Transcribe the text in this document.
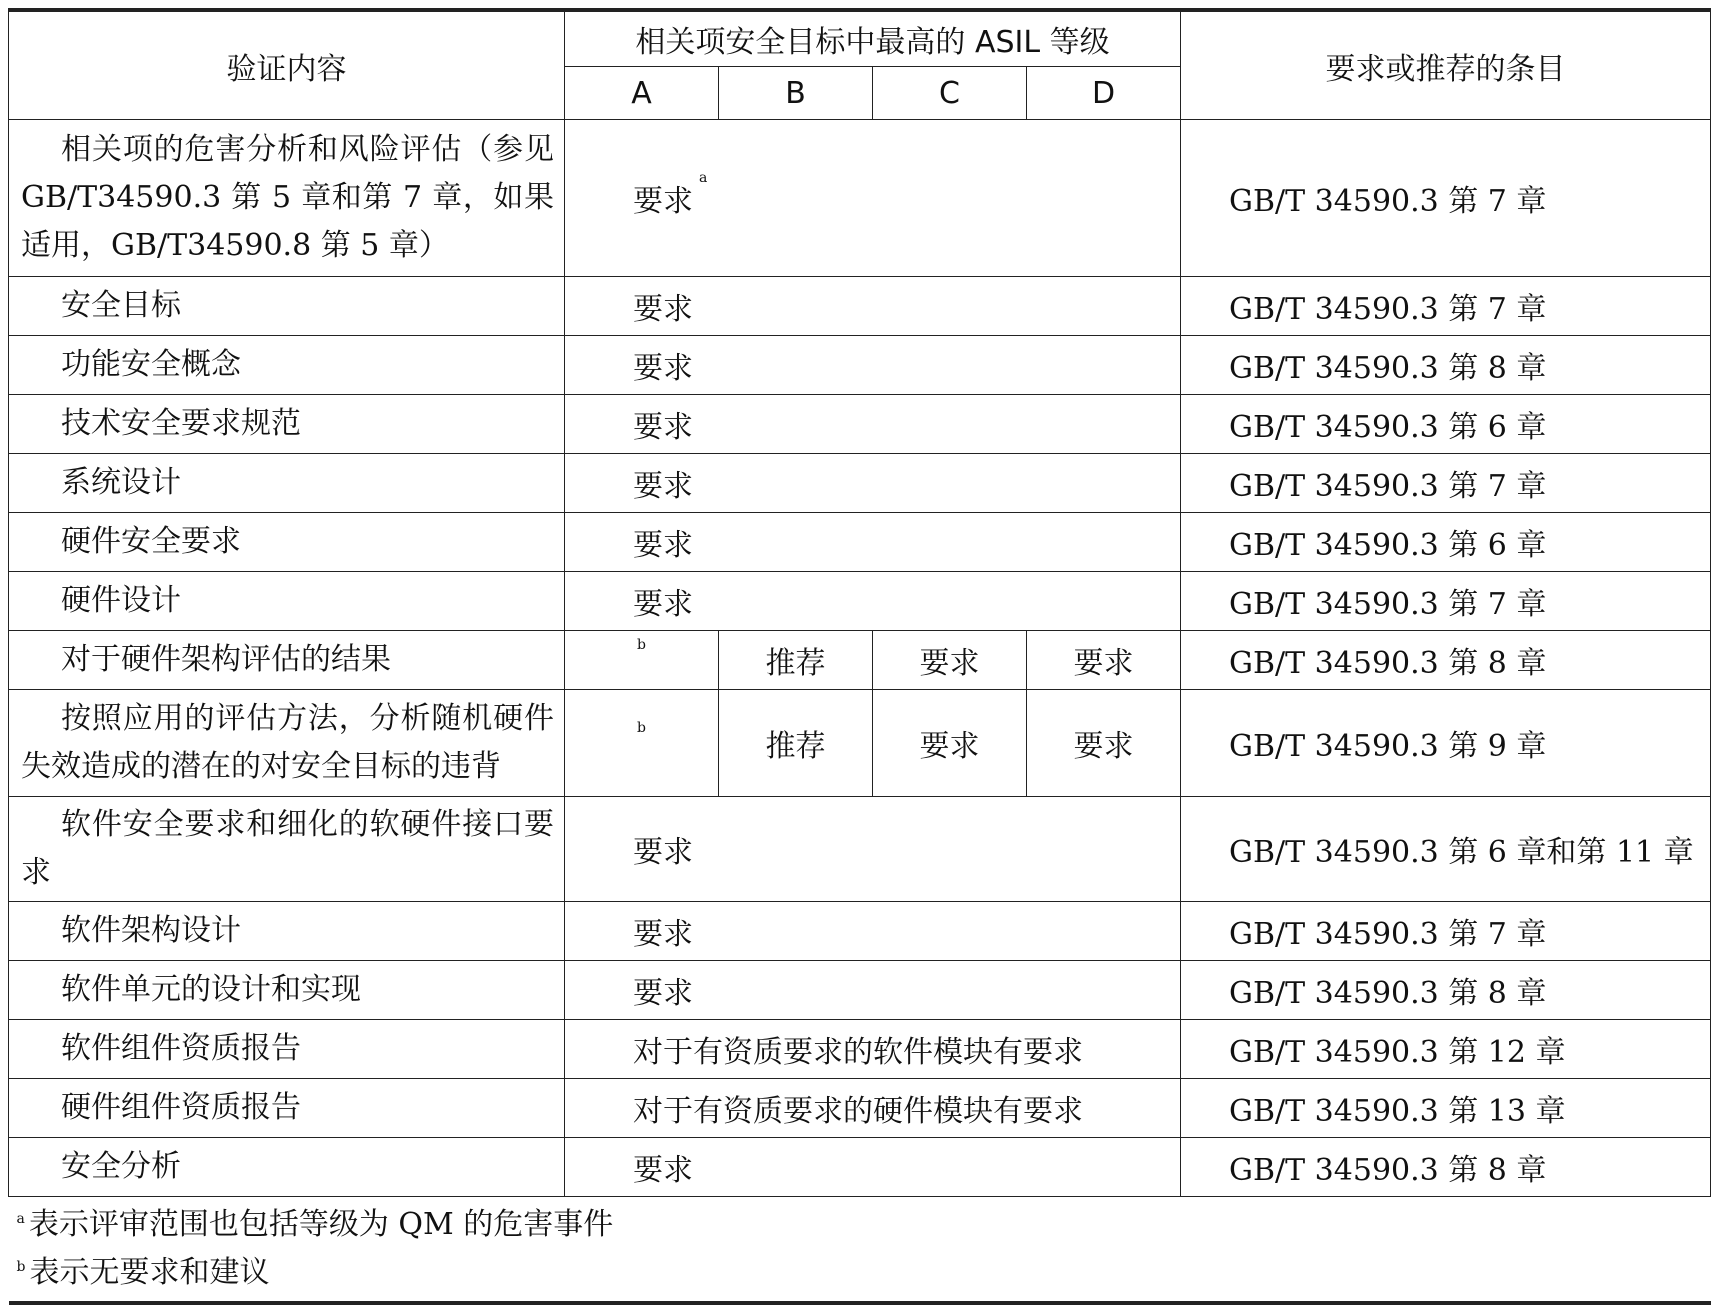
验证内容	相关项安全目标中最高的 ASIL 等级				要求或推荐的条目
	A	B	C	D	
相关项的危害分析和风险评估（参见 GB/T34590.3 第 5 章和第 7 章，如果适用，GB/T34590.8 第 5 章）	要求$^a$				GB/T 34590.3 第 7 章
安全目标	要求				GB/T 34590.3 第 7 章
功能安全概念	要求				GB/T 34590.3 第 8 章
技术安全要求规范	要求				GB/T 34590.3 第 6 章
系统设计	要求				GB/T 34590.3 第 7 章
硬件安全要求	要求				GB/T 34590.3 第 6 章
硬件设计	要求				GB/T 34590.3 第 7 章
对于硬件架构评估的结果	$^b$	推荐	要求	要求	GB/T 34590.3 第 8 章
按照应用的评估方法，分析随机硬件失效造成的潜在的对安全目标的违背	$^b$	推荐	要求	要求	GB/T 34590.3 第 9 章
软件安全要求和细化的软硬件接口要求	要求				GB/T 34590.3 第 6 章和第 11 章
软件架构设计	要求				GB/T 34590.3 第 7 章
软件单元的设计和实现	要求				GB/T 34590.3 第 8 章
软件组件资质报告	对于有资质要求的软件模块有要求				GB/T 34590.3 第 12 章
硬件组件资质报告	对于有资质要求的硬件模块有要求				GB/T 34590.3 第 13 章
安全分析	要求				GB/T 34590.3 第 8 章

$^a$ 表示评审范围也包括等级为 QM 的危害事件
$^b$ 表示无要求和建议					
